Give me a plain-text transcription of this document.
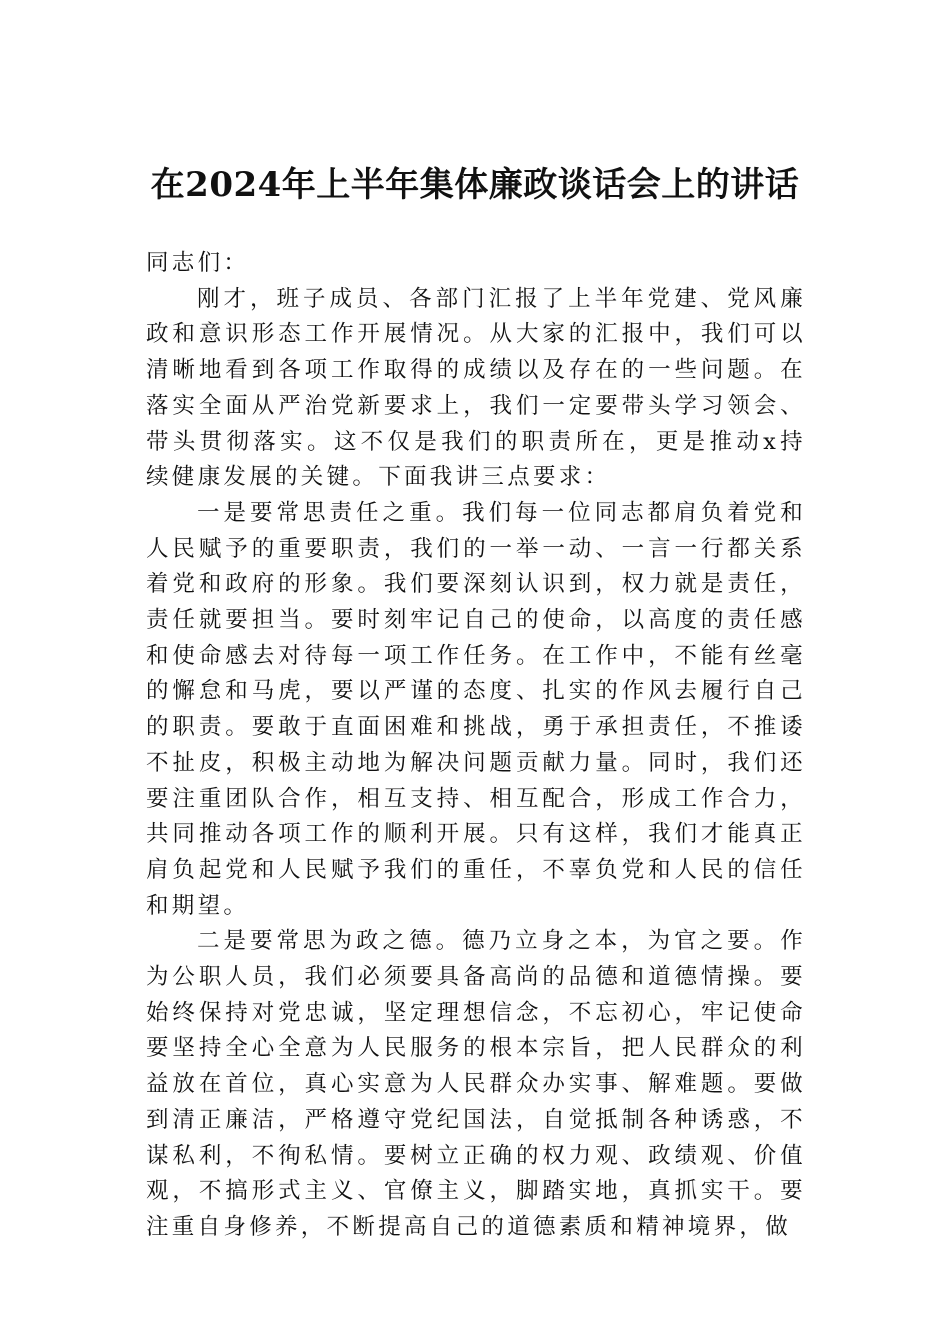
在2024年上半年集体廉政谈话会上的讲话

同志们：

刚才，班子成员、各部门汇报了上半年党建、党风廉政和意识形态工作开展情况。从大家的汇报中，我们可以清晰地看到各项工作取得的成绩以及存在的一些问题。在落实全面从严治党新要求上，我们一定要带头学习领会、带头贯彻落实。这不仅是我们的职责所在，更是推动x持续健康发展的关键。下面我讲三点要求：

一是要常思责任之重。我们每一位同志都肩负着党和人民赋予的重要职责，我们的一举一动、一言一行都关系着党和政府的形象。我们要深刻认识到，权力就是责任，责任就要担当。要时刻牢记自己的使命，以高度的责任感和使命感去对待每一项工作任务。在工作中，不能有丝毫的懈怠和马虎，要以严谨的态度、扎实的作风去履行自己的职责。要敢于直面困难和挑战，勇于承担责任，不推诿不扯皮，积极主动地为解决问题贡献力量。同时，我们还要注重团队合作，相互支持、相互配合，形成工作合力，共同推动各项工作的顺利开展。只有这样，我们才能真正肩负起党和人民赋予我们的重任，不辜负党和人民的信任和期望。

二是要常思为政之德。德乃立身之本，为官之要。作为公职人员，我们必须要具备高尚的品德和道德情操。要始终保持对党忠诚，坚定理想信念，不忘初心，牢记使命要坚持全心全意为人民服务的根本宗旨，把人民群众的利益放在首位，真心实意为人民群众办实事、解难题。要做到清正廉洁，严格遵守党纪国法，自觉抵制各种诱惑，不谋私利，不徇私情。要树立正确的权力观、政绩观、价值观，不搞形式主义、官僚主义，脚踏实地，真抓实干。要注重自身修养，不断提高自己的道德素质和精神境界，做
